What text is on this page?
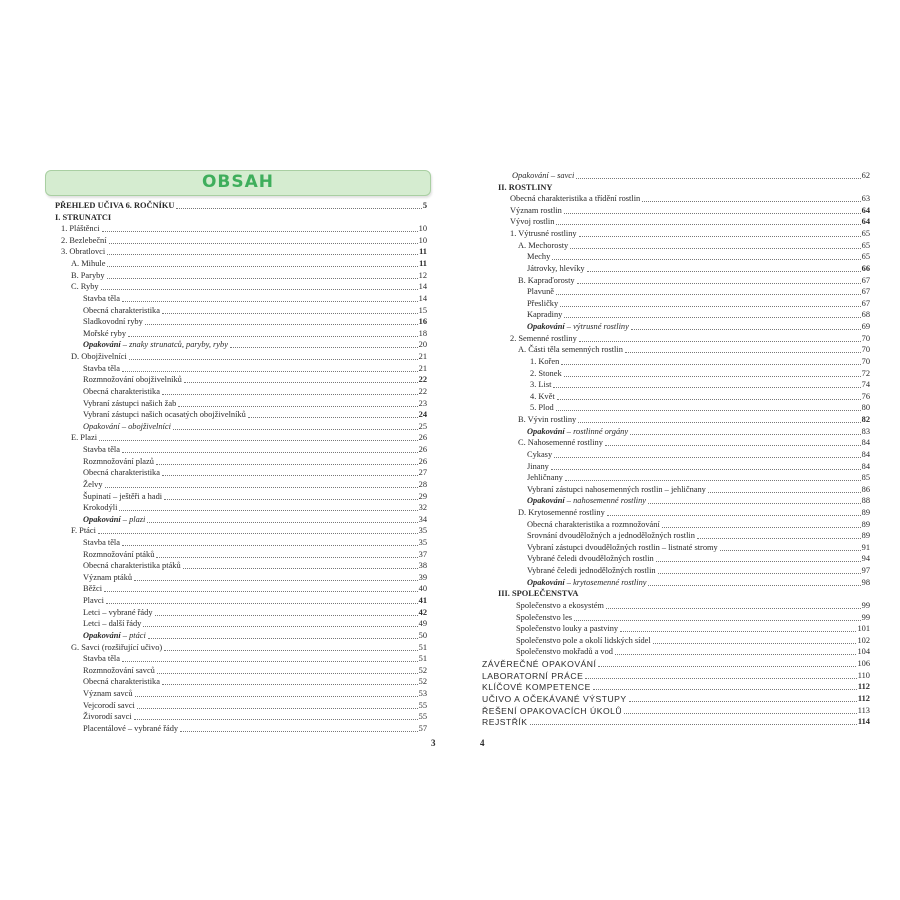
OBSAH
PŘEHLED UČIVA 6. ROČNÍKU	5
I. STRUNATCI
1. Pláštěnci	10
2. Bezlebeční	10
3. Obratlovci	11
A. Mihule	11
B. Paryby	12
C. Ryby	14
Stavba těla	14
Obecná charakteristika	15
Sladkovodní ryby	16
Mořské ryby	18
Opakování – znaky strunatců, paryby, ryby	20
D. Obojživelníci	21
Stavba těla	21
Rozmnožování obojživelníků	22
Obecná charakteristika	22
Vybraní zástupci našich žab	23
Vybraní zástupci našich ocasatých obojživelníků	24
Opakování – obojživelníci	25
E. Plazi	26
Stavba těla	26
Rozmnožování plazů	26
Obecná charakteristika	27
Želvy	28
Šupinatí – ještěři a hadi	29
Krokodýli	32
Opakování – plazi	34
F. Ptáci	35
Stavba těla	35
Rozmnožování ptáků	37
Obecná charakteristika ptáků	38
Význam ptáků	39
Běžci	40
Plavci	41
Letci – vybrané řády	42
Letci – další řády	49
Opakování – ptáci	50
G. Savci (rozšiřující učivo)	51
Stavba těla	51
Rozmnožování savců	52
Obecná charakteristika	52
Význam savců	53
Vejcorodí savci	55
Živorodí savci	55
Placentálové – vybrané řády	57
3
Opakování – savci	62
II. ROSTLINY
Obecná charakteristika a třídění rostlin	63
Význam rostlin	64
Vývoj rostlin	64
1. Výtrusné rostliny	65
A. Mechorosty	65
Mechy	65
Játrovky, hlevíky	66
B. Kapraďorosty	67
Plavuně	67
Přesličky	67
Kapradiny	68
Opakování – výtrusné rostliny	69
2. Semenné rostliny	70
A. Části těla semenných rostlin	70
1. Kořen	70
2. Stonek	72
3. List	74
4. Květ	76
5. Plod	80
B. Vývin rostliny	82
Opakování – rostlinné orgány	83
C. Nahosemenné rostliny	84
Cykasy	84
Jinany	84
Jehličnany	85
Vybraní zástupci nahosemenných rostlin – jehličnany	86
Opakování – nahosemenné rostliny	88
D. Krytosemenné rostliny	89
Obecná charakteristika a rozmnožování	89
Srovnání dvouděložných a jednoděložných rostlin	89
Vybraní zástupci dvouděložných rostlin – listnaté stromy	91
Vybrané čeledi dvouděložných rostlin	94
Vybrané čeledi jednoděložných rostlin	97
Opakování – krytosemenné rostliny	98
III. SPOLEČENSTVA
Společenstvo a ekosystém	99
Společenstvo les	99
Společenstvo louky a pastviny	101
Společenstvo pole a okolí lidských sídel	102
Společenstvo mokřadů a vod	104
ZÁVĚREČNÉ OPAKOVÁNÍ	106
LABORATORNÍ PRÁCE	110
KLÍČOVÉ KOMPETENCE	112
UČIVO A OČEKÁVANÉ VÝSTUPY	112
ŘEŠENÍ OPAKOVACÍCH ÚKOLŮ	113
REJSTŘÍK	114
4
